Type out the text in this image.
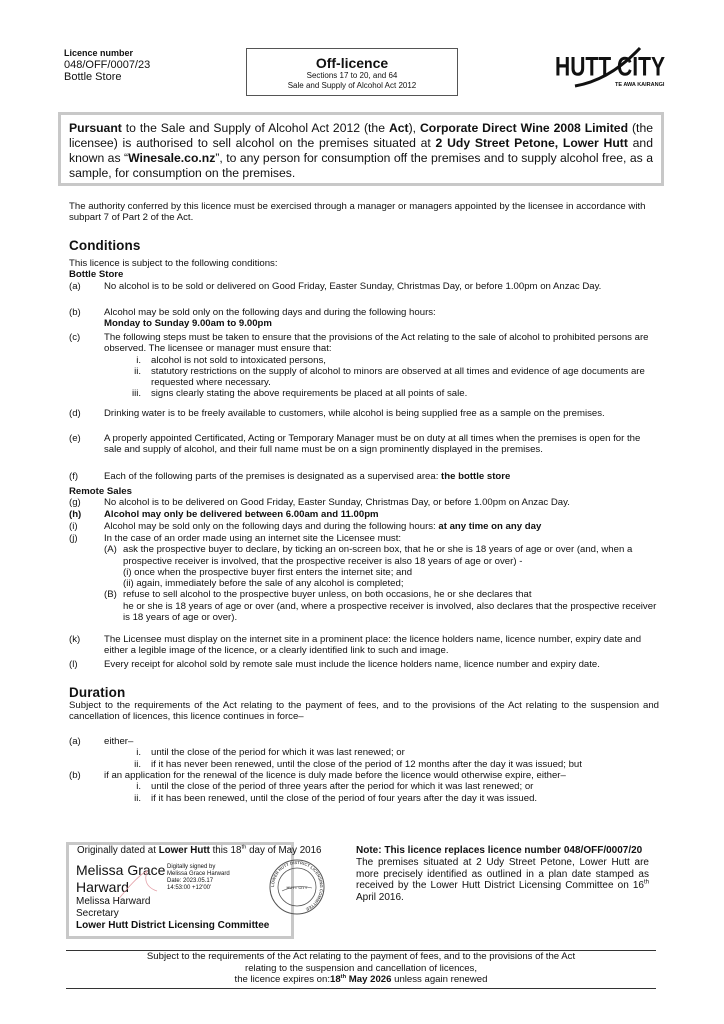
Licence number
048/OFF/0007/23
Bottle Store
Off-licence
Sections 17 to 20, and 64
Sale and Supply of Alcohol Act 2012
HUTT CITY
TE AWA KAIRANGI
Pursuant to the Sale and Supply of Alcohol Act 2012 (the Act), Corporate Direct Wine 2008 Limited (the licensee) is authorised to sell alcohol on the premises situated at 2 Udy Street Petone, Lower Hutt and known as “Winesale.co.nz”, to any person for consumption off the premises and to supply alcohol free, as a sample, for consumption on the premises.
The authority conferred by this licence must be exercised through a manager or managers appointed by the licensee in accordance with subpart 7 of Part 2 of the Act.
Conditions
This licence is subject to the following conditions:
Bottle Store
(a) No alcohol is to be sold or delivered on Good Friday, Easter Sunday, Christmas Day, or before 1.00pm on Anzac Day.
(b) Alcohol may be sold only on the following days and during the following hours:
Monday to Sunday 9.00am to 9.00pm
(c) The following steps must be taken to ensure that the provisions of the Act relating to the sale of alcohol to prohibited persons are observed. The licensee or manager must ensure that:
i. alcohol is not sold to intoxicated persons,
ii. statutory restrictions on the supply of alcohol to minors are observed at all times and evidence of age documents are requested where necessary.
iii. signs clearly stating the above requirements be placed at all points of sale.
(d) Drinking water is to be freely available to customers, while alcohol is being supplied free as a sample on the premises.
(e) A properly appointed Certificated, Acting or Temporary Manager must be on duty at all times when the premises is open for the sale and supply of alcohol, and their full name must be on a sign prominently displayed in the premises.
(f)	Each of the following parts of the premises is designated as a supervised area: the bottle store
Remote Sales
(g) No alcohol is to be delivered on Good Friday, Easter Sunday, Christmas Day, or before 1.00pm on Anzac Day.
(h) Alcohol may only be delivered between 6.00am and 11.00pm
(i)	Alcohol may be sold only on the following days and during the following hours: at any time on any day
(j)	In the case of an order made using an internet site the Licensee must:
(A) ask the prospective buyer to declare, by ticking an on-screen box, that he or she is 18 years of age or over (and, when a prospective receiver is involved, that the prospective receiver is also 18 years of age or over) -
(i) once when the prospective buyer first enters the internet site; and
(ii) again, immediately before the sale of any alcohol is completed;
(B) refuse to sell alcohol to the prospective buyer unless, on both occasions, he or she declares that
he or she is 18 years of age or over (and, where a prospective receiver is involved, also declares that the prospective receiver is 18 years of age or over).
(k) The Licensee must display on the internet site in a prominent place: the licence holders name, licence number, expiry date and either a legible image of the licence, or a clearly identified link to such and image.
(l)	Every receipt for alcohol sold by remote sale must include the licence holders name, licence number and expiry date.
Duration
Subject to the requirements of the Act relating to the payment of fees, and to the provisions of the Act relating to the suspension and cancellation of licences, this licence continues in force–
(a) either–
i. until the close of the period for which it was last renewed; or
ii. if it has never been renewed, until the close of the period of 12 months after the day it was issued; but
(b) if an application for the renewal of the licence is duly made before the licence would otherwise expire, either–
i. until the close of the period of three years after the period for which it was last renewed; or
ii. if it has been renewed, until the close of the period of four years after the day it was issued.
Originally dated at Lower Hutt this 18th day of May 2016
Melissa Grace
Harward
Digitally signed by
Melissa Grace Harward
Date: 2023.05.17
14:53:00 +12'00'
Melissa Harward
Secretary
Lower Hutt District Licensing Committee
LOWER HUTT DISTRICT LICENSING COMMITTEE
HUTT CITY
Note: This licence replaces licence number 048/OFF/0007/20
The premises situated at 2 Udy Street Petone, Lower Hutt are more precisely identified as outlined in a plan date stamped as received by the Lower Hutt District Licensing Committee on 16th April 2016.
Subject to the requirements of the Act relating to the payment of fees, and to the provisions of the Act
relating to the suspension and cancellation of licences,
the licence expires on:18th May 2026 unless again renewed
